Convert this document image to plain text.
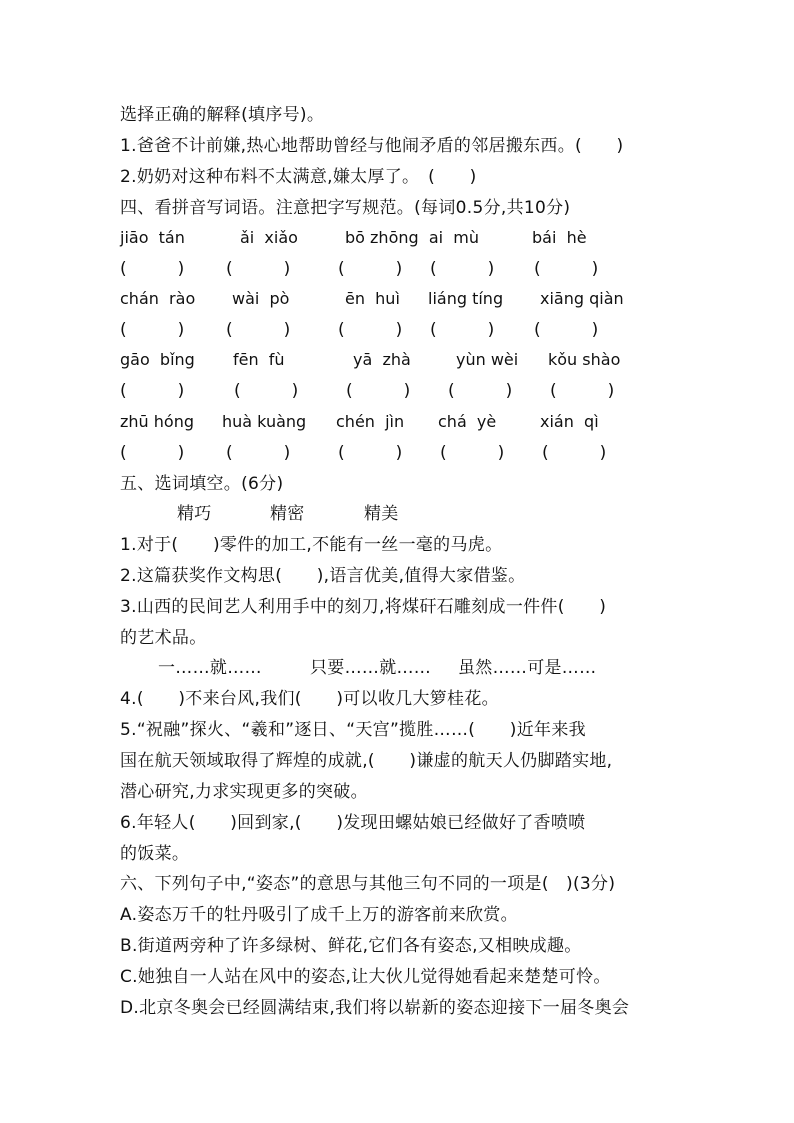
选择正确的解释(填序号)。
1.爸爸不计前嫌,热心地帮助曾经与他闹矛盾的邻居搬东西。(　　)
2.奶奶对这种布料不太满意,嫌太厚了。　(　　)
四、看拼音写词语。注意把字写规范。(每词0.5分,共10分)
jiāo  tán	ǎi  xiǎo	bō zhōng  ai  mù	bái  hè
(　　　) (　　　)	(　　　) (　　　) (　　　)
chán  rào wài  pò	ēn  huì liáng tíng xiāng qiàn
(　　　) (　　　)	(　　　) (　　　) (　　　)
gāo  bǐng fēn  fù	yā  zhà	yùn wèi kǒu shào
(　　　)	(　　　)	(　　　) (　　　) (　　　)
zhū hóng huà kuàng chén  jìn chá  yè	xián  qì
(　　　) (　　　)	(　　　) (　　　) (　　　)
五、选词填空。(6分)
精巧	精密	精美
1.对于(　　)零件的加工,不能有一丝一毫的马虎。
2.这篇获奖作文构思(　　),语言优美,值得大家借鉴。
3.山西的民间艺人利用手中的刻刀,将煤矸石雕刻成一件件(　　)
的艺术品。
一……就……	只要……就…… 虽然……可是……
4.(　　)不来台风,我们(　　)可以收几大箩桂花。
5.“祝融”探火、“羲和”逐日、“天宫”揽胜……(　　)近年来我
国在航天领域取得了辉煌的成就,(　　)谦虚的航天人仍脚踏实地,
潜心研究,力求实现更多的突破。
6.年轻人(　　)回到家,(　　)发现田螺姑娘已经做好了香喷喷
的饭菜。
六、下列句子中,“姿态”的意思与其他三句不同的一项是(　)(3分)
A.姿态万千的牡丹吸引了成千上万的游客前来欣赏。
B.街道两旁种了许多绿树、鲜花,它们各有姿态,又相映成趣。
C.她独自一人站在风中的姿态,让大伙儿觉得她看起来楚楚可怜。
D.北京冬奥会已经圆满结束,我们将以崭新的姿态迎接下一届冬奥会
